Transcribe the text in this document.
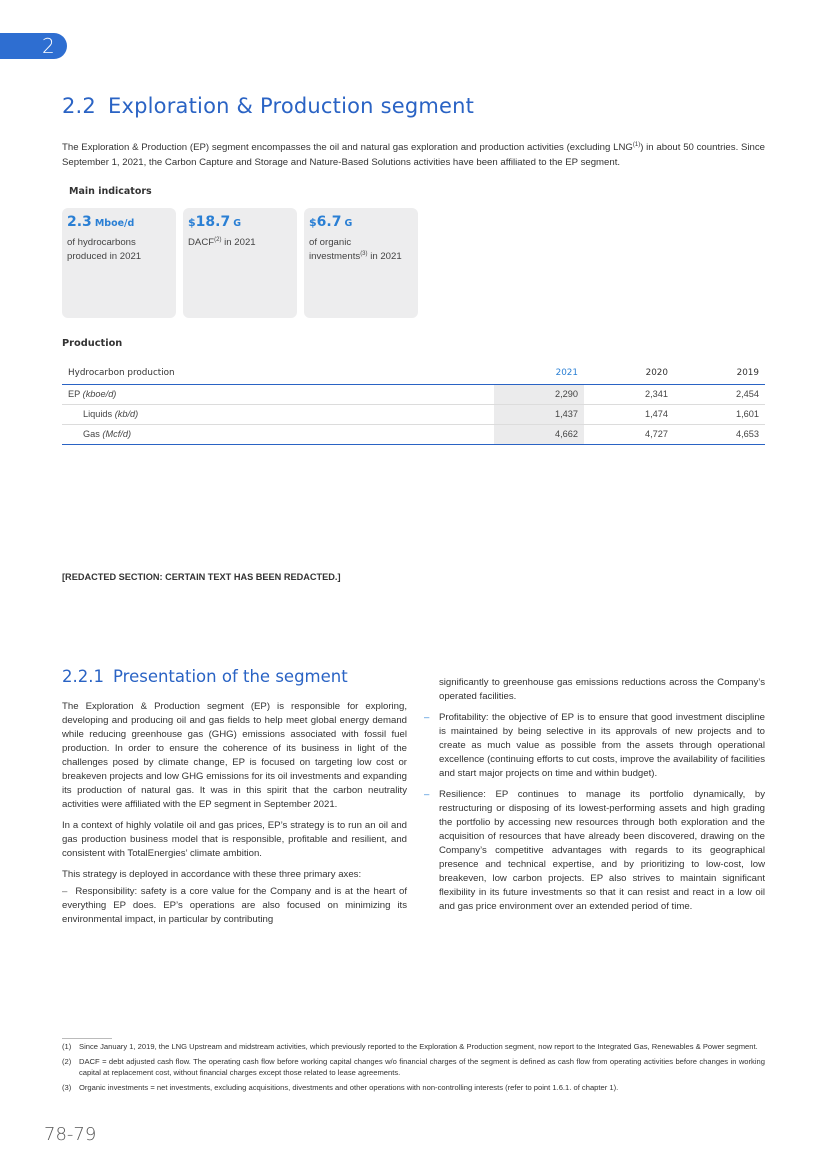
2
2.2 Exploration & Production segment

The Exploration & Production (EP) segment encompasses the oil and natural gas exploration and production activities (excluding LNG$^{(1)}$) in about 50 countries. Since September 1, 2021, the Carbon Capture and Storage and Nature-Based Solutions activities have been affiliated to the EP segment.

Main indicators
2.3 Mboe/d
of hydrocarbons
produced in 2021
$18.7 G
DACF$^{(2)}$ in 2021
$6.7 G
of organic
investments$^{(3)}$ in 2021
Production
Hydrocarbon production	2021	2020	2019
EP (kboe/d)	2,290	2,341	2,454
Liquids (kb/d)	1,437	1,474	1,601
Gas (Mcf/d)	4,662	4,727	4,653
[REDACTED SECTION: CERTAIN TEXT HAS BEEN REDACTED.]
2.2.1 Presentation of the segment

The Exploration & Production segment (EP) is responsible for exploring, developing and producing oil and gas fields to help meet global energy demand while reducing greenhouse gas (GHG) emissions associated with fossil fuel production. In order to ensure the coherence of its business in light of the challenges posed by climate change, EP is focused on targeting low cost or breakeven projects and low GHG emissions for its oil investments and expanding its production of natural gas. It was in this spirit that the carbon neutrality activities were affiliated with the EP segment in September 2021.

In a context of highly volatile oil and gas prices, EP’s strategy is to run an oil and gas production business model that is responsible, profitable and resilient, and consistent with TotalEnergies’ climate ambition.

This strategy is deployed in accordance with these three primary axes:

– Responsibility: safety is a core value for the Company and is at the heart of everything EP does. EP’s operations are also focused on minimizing its environmental impact, in particular by contributing

significantly to greenhouse gas emissions reductions across the Company’s operated facilities.

– Profitability: the objective of EP is to ensure that good investment discipline is maintained by being selective in its approvals of new projects and to create as much value as possible from the assets through operational excellence (continuing efforts to cut costs, improve the availability of facilities and start major projects on time and within budget).

– Resilience: EP continues to manage its portfolio dynamically, by restructuring or disposing of its lowest-performing assets and high grading the portfolio by accessing new resources through both exploration and the acquisition of resources that have already been discovered, drawing on the Company’s competitive advantages with regards to its geographical presence and technical expertise, and by prioritizing to low-cost, low breakeven, low carbon projects. EP also strives to maintain significant flexibility in its future investments so that it can resist and react in a low oil and gas price environment over an extended period of time.

(1) Since January 1, 2019, the LNG Upstream and midstream activities, which previously reported to the Exploration & Production segment, now report to the Integrated Gas, Renewables & Power segment.
(2) DACF = debt adjusted cash flow. The operating cash flow before working capital changes w/o financial charges of the segment is defined as cash flow from operating activities before changes in working capital at replacement cost, without financial charges except those related to lease agreements.
(3) Organic investments = net investments, excluding acquisitions, divestments and other operations with non-controlling interests (refer to point 1.6.1. of chapter 1).
78-79
